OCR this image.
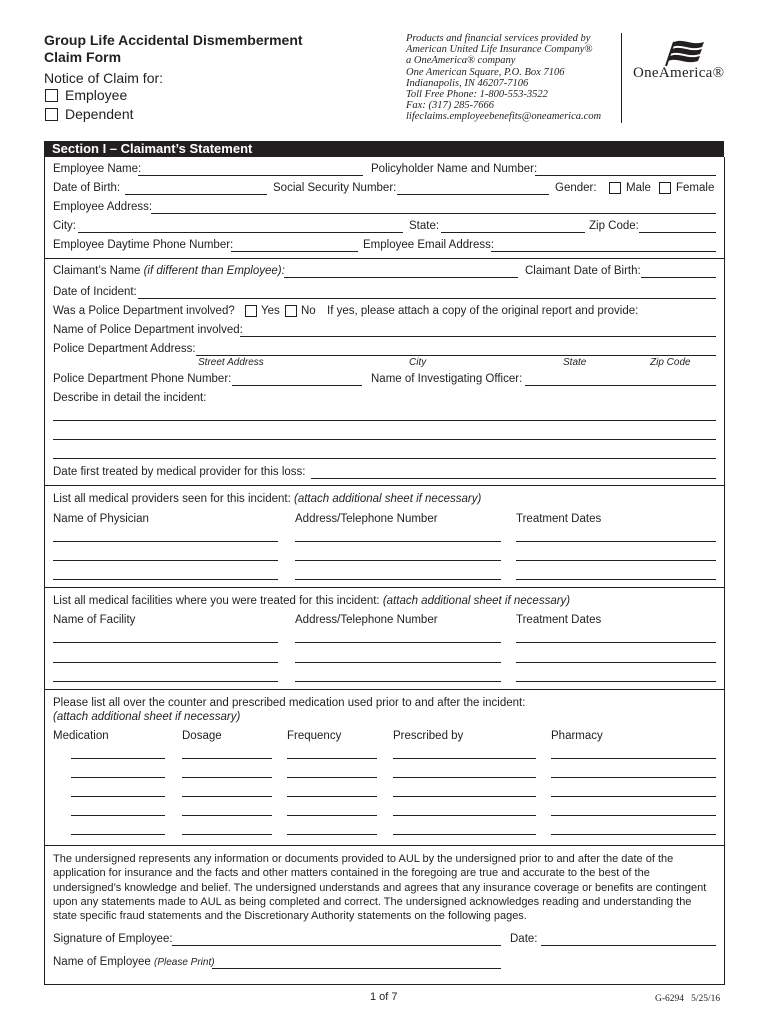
Group Life Accidental Dismemberment
Claim Form
Notice of Claim for:
Employee
Dependent
Products and financial services provided by
American United Life Insurance Company®
a OneAmerica® company
One American Square, P.O. Box 7106
Indianapolis, IN 46207-7106
Toll Free Phone: 1-800-553-3522
Fax: (317) 285-7666
lifeclaims.employeebenefits@oneamerica.com
OneAmerica®
Section I – Claimant’s Statement
Employee Name:	Policyholder Name and Number:
Date of Birth:	Social Security Number:	Gender:	Male Female
Employee Address:
City:	State:	Zip Code:
Employee Daytime Phone Number:	Employee Email Address:
Claimant’s Name (if different than Employee):	Claimant Date of Birth:
Date of Incident:
Was a Police Department involved? Yes No If yes, please attach a copy of the original report and provide:
Name of Police Department involved:
Police Department Address:
Street Address	City	State	Zip Code
Police Department Phone Number:	Name of Investigating Officer:
Describe in detail the incident:
Date first treated by medical provider for this loss:
List all medical providers seen for this incident: (attach additional sheet if necessary)
Name of Physician	Address/Telephone Number	Treatment Dates
List all medical facilities where you were treated for this incident: (attach additional sheet if necessary)
Name of Facility	Address/Telephone Number	Treatment Dates
Please list all over the counter and prescribed medication used prior to and after the incident:
(attach additional sheet if necessary)
Medication	Dosage	Frequency	Prescribed by	Pharmacy
The undersigned represents any information or documents provided to AUL by the undersigned prior to and after the date of the application for insurance and the facts and other matters contained in the foregoing are true and accurate to the best of the undersigned’s knowledge and belief. The undersigned understands and agrees that any insurance coverage or benefits are contingent upon any statements made to AUL as being completed and correct. The undersigned acknowledges reading and understanding the state specific fraud statements and the Discretionary Authority statements on the following pages.
Signature of Employee:	Date:
Name of Employee (Please Print)
1 of 7	G-6294   5/25/16
